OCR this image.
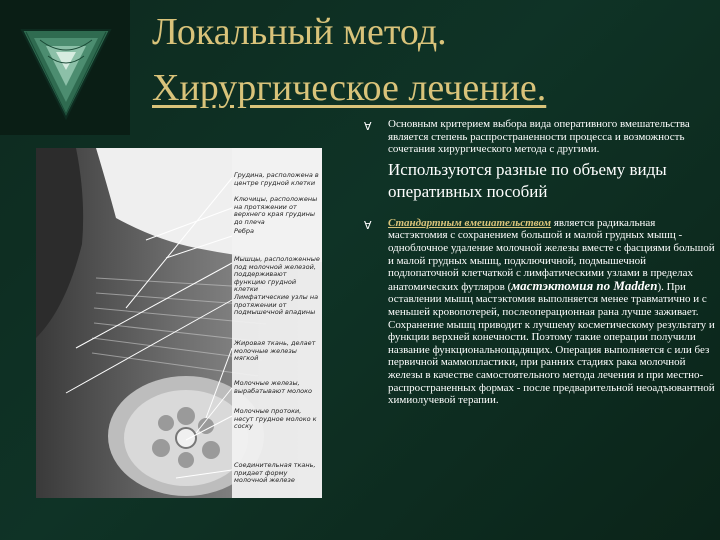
Локальный метод.
Хирургическое лечение.
Грудина, расположена в центре грудной клетки
Ключицы, расположены на протяжении от верхнего края грудины до плеча
Ребра
Мышцы, расположенные под молочной железой, поддерживают функцию грудной клетки
Лимфатические узлы на протяжении от подмышечной впадины
Жировая ткань, делает молочные железы мягкой
Молочные железы, вырабатывают молоко
Молочные протоки, несут грудное молоко к соску
Соединительная ткань, придает форму молочной железе
∀ Основным критерием выбора вида оперативного вмешательства является степень распространенности процесса и возможность сочетания хирургического метода с другими.
Используются разные по объему виды оперативных пособий
∀ Стандартным вмешательством является радикальная мастэктомия с сохранением большой и малой грудных мышц - одноблочное удаление молочной железы вместе с фасциями большой и малой грудных мышц, подключичной, подмышечной подлопаточной клетчаткой с лимфатическими узлами в пределах анатомических футляров (мастэктомия по Madden). При оставлении мышц мастэктомия выполняется менее травматично и с меньшей кровопотерей, послеоперационная рана лучше заживает. Сохранение мышц приводит к лучшему косметическому результату и функции верхней конечности. Поэтому такие операции получили название функциональнощадящих. Операция выполняется с или без первичной маммопластики, при ранних стадиях рака молочной железы в качестве самостоятельного метода лечения и при местно-распространенных формах - после предварительной неоадъювантной химиолучевой терапии.
